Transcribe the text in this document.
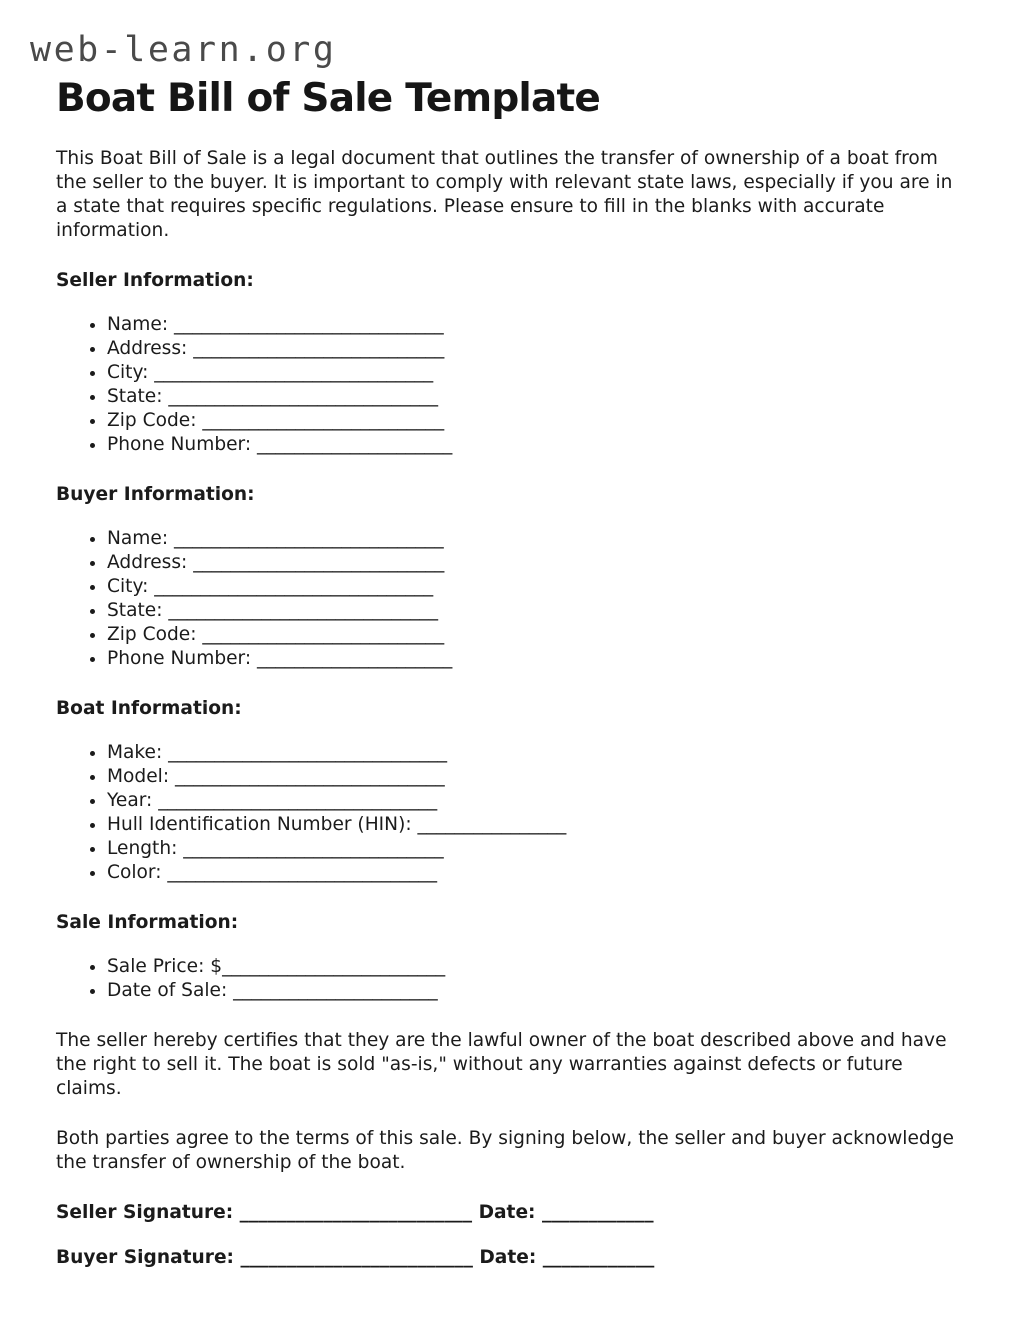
web-learn.org
Boat Bill of Sale Template

This Boat Bill of Sale is a legal document that outlines the transfer of ownership of a boat from the seller to the buyer. It is important to comply with relevant state laws, especially if you are in a state that requires specific regulations. Please ensure to fill in the blanks with accurate information.

Seller Information:
• Name: _____________________________
• Address: ___________________________
• City: ______________________________
• State: _____________________________
• Zip Code: __________________________
• Phone Number: _____________________
Buyer Information:
• Name: _____________________________
• Address: ___________________________
• City: ______________________________
• State: _____________________________
• Zip Code: __________________________
• Phone Number: _____________________
Boat Information:
• Make: ______________________________
• Model: _____________________________
• Year: ______________________________
• Hull Identification Number (HIN): ________________
• Length: ____________________________
• Color: _____________________________
Sale Information:
• Sale Price: $________________________
• Date of Sale: ______________________

The seller hereby certifies that they are the lawful owner of the boat described above and have the right to sell it. The boat is sold "as-is," without any warranties against defects or future claims.

Both parties agree to the terms of this sale. By signing below, the seller and buyer acknowledge the transfer of ownership of the boat.

Seller Signature: _________________________ Date: ____________

Buyer Signature: _________________________ Date: ____________
